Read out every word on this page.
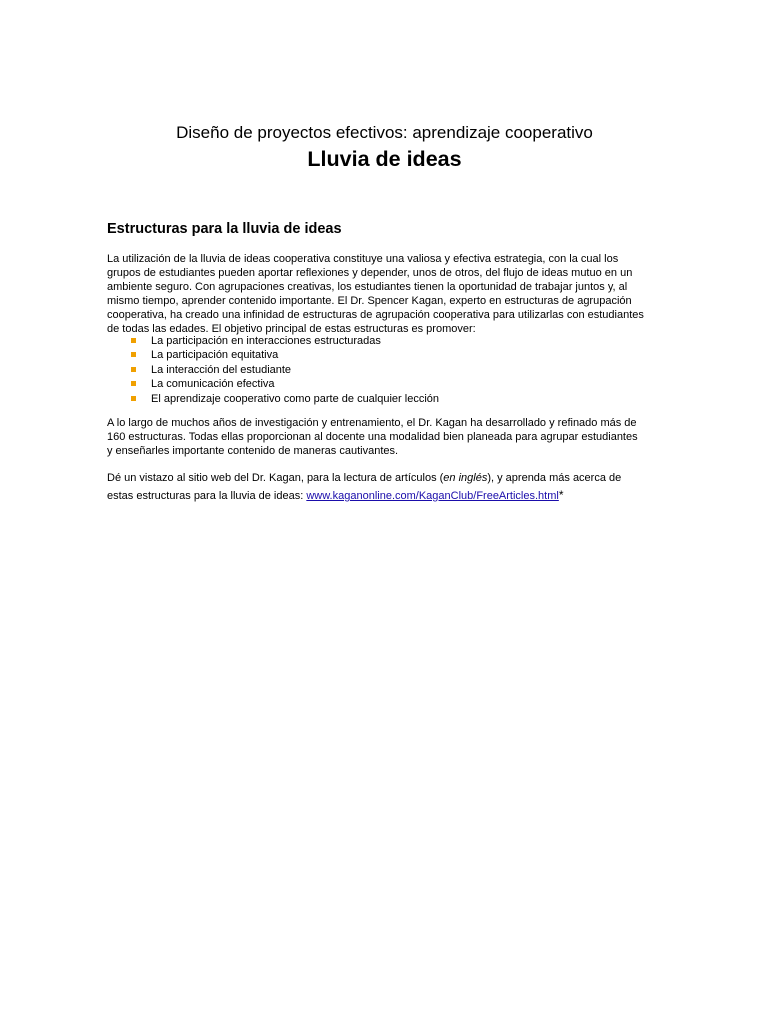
Diseño de proyectos efectivos: aprendizaje cooperativo
Lluvia de ideas
Estructuras para la lluvia de ideas
La utilización de la lluvia de ideas cooperativa constituye una valiosa y efectiva estrategia, con la cual los
grupos de estudiantes pueden aportar reflexiones y depender, unos de otros, del flujo de ideas mutuo en un
ambiente seguro. Con agrupaciones creativas, los estudiantes tienen la oportunidad de trabajar juntos y, al
mismo tiempo, aprender contenido importante. El Dr. Spencer Kagan, experto en estructuras de agrupación
cooperativa, ha creado una infinidad de estructuras de agrupación cooperativa para utilizarlas con estudiantes
de todas las edades. El objetivo principal de estas estructuras es promover:
La participación en interacciones estructuradas
La participación equitativa
La interacción del estudiante
La comunicación efectiva
El aprendizaje cooperativo como parte de cualquier lección
A lo largo de muchos años de investigación y entrenamiento, el Dr. Kagan ha desarrollado y refinado más de
160 estructuras. Todas ellas proporcionan al docente una modalidad bien planeada para agrupar estudiantes
y enseñarles importante contenido de maneras cautivantes.
Dé un vistazo al sitio web del Dr. Kagan, para la lectura de artículos (en inglés), y aprenda más acerca de
estas estructuras para la lluvia de ideas: www.kaganonline.com/KaganClub/FreeArticles.html*
